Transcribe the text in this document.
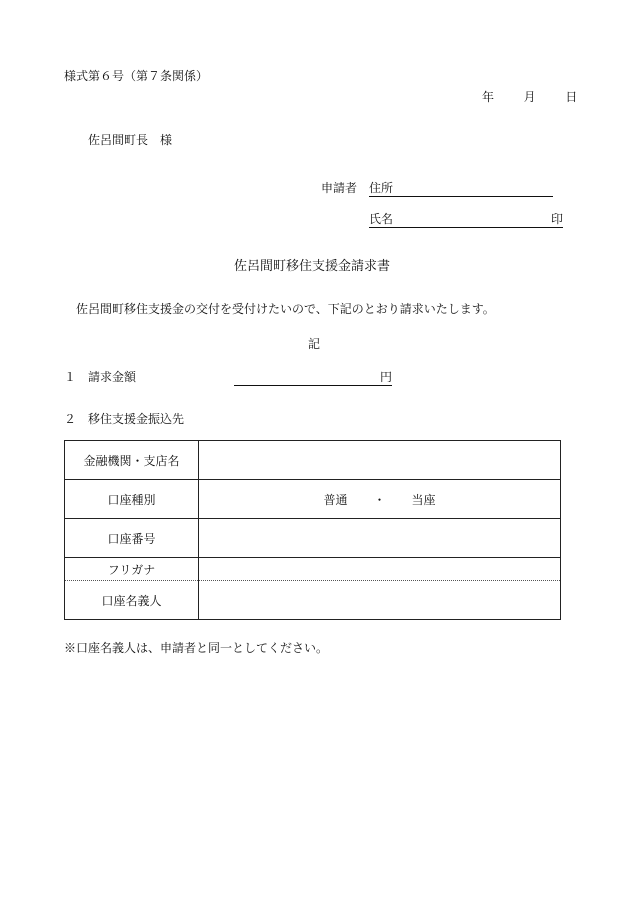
様式第６号（第７条関係）
年 月 日
佐呂間町長　様
申請者 住所
氏名	印
佐呂間町移住支援金請求書
佐呂間町移住支援金の交付を受付けたいので、下記のとおり請求いたします。
記
１ 請求金額	円
２ 移住支援金振込先
金融機関・支店名	
口座種別	普通 ・ 当座

口座番号	
フリガナ	
口座名義人	
※口座名義人は、申請者と同一としてください。
